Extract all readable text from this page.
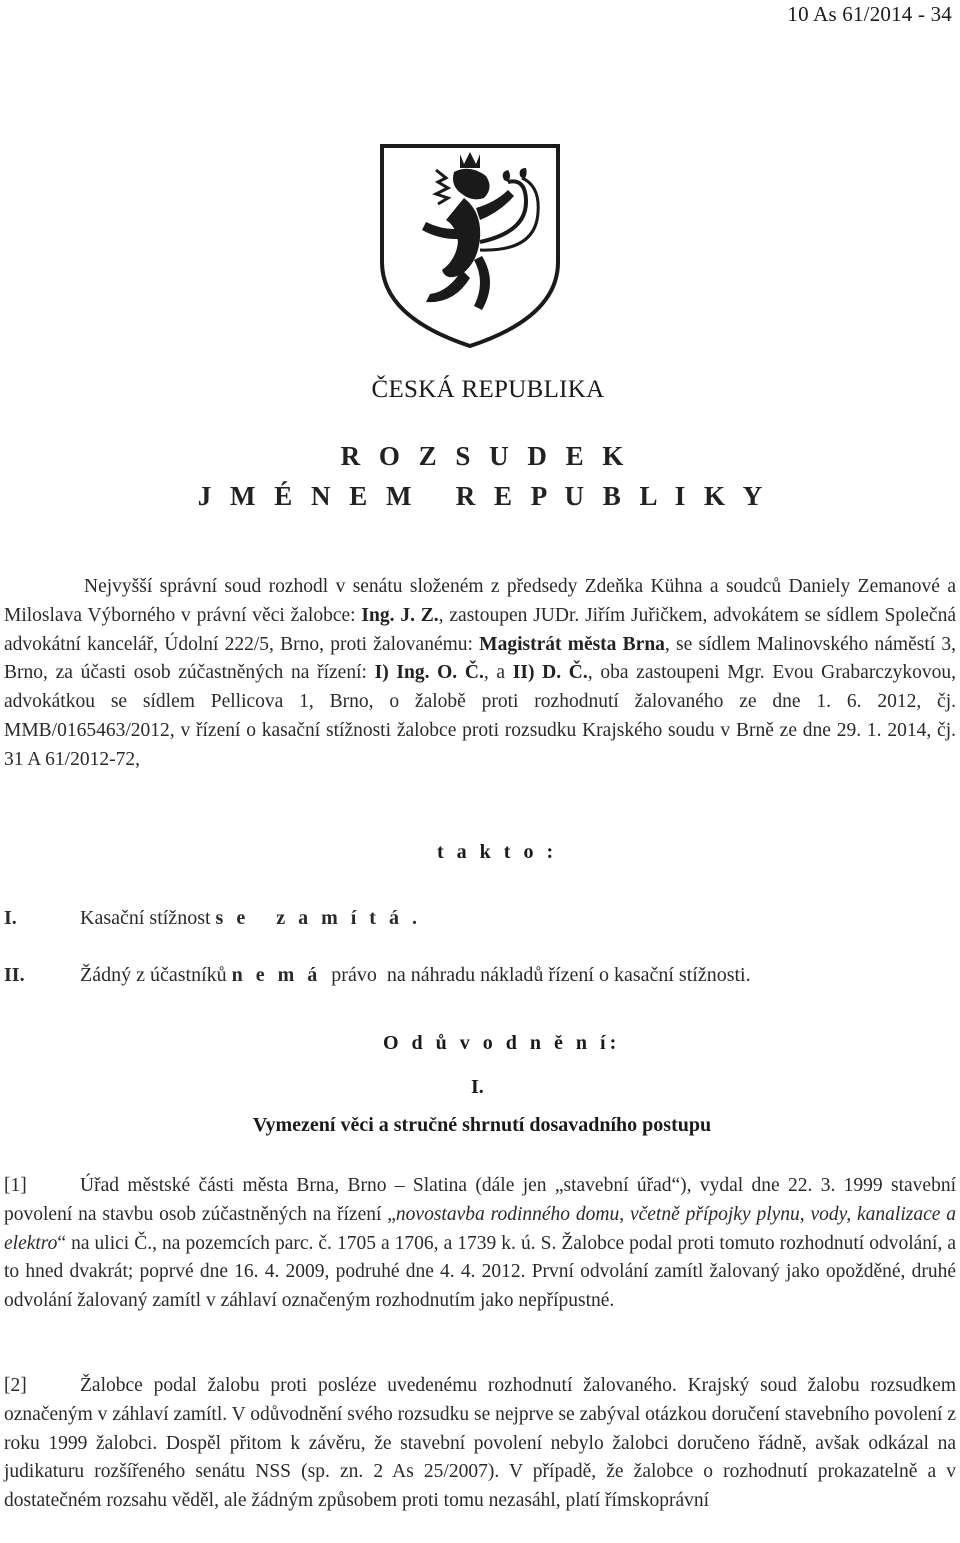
10 As 61/2014 - 34
ČESKÁ REPUBLIKA
R O Z S U D E K
J M É N E M   R E P U B L I K Y

Nejvyšší správní soud rozhodl v senátu složeném z předsedy Zdeňka Kühna a soudců Daniely Zemanové a Miloslava Výborného v právní věci žalobce: Ing. J. Z., zastoupen JUDr. Jiřím Juřičkem, advokátem se sídlem Společná advokátní kancelář, Údolní 222/5, Brno, proti žalovanému: Magistrát města Brna, se sídlem Malinovského náměstí 3, Brno, za účasti osob zúčastněných na řízení: I) Ing. O. Č., a II) D. Č., oba zastoupeni Mgr. Evou Grabarczykovou, advokátkou se sídlem Pellicova 1, Brno, o žalobě proti rozhodnutí žalovaného ze dne 1. 6. 2012, čj. MMB/0165463/2012, v řízení o kasační stížnosti žalobce proti rozsudku Krajského soudu v Brně ze dne 29. 1. 2014, čj. 31 A 61/2012-72,

t a k t o :
I.	Kasační stížnost s e   z a m í t á .
II.	Žádný z účastníků n e m á  právo  na náhradu nákladů řízení o kasační stížnosti.
O d ů v o d n ě n í:
I.
Vymezení věci a stručné shrnutí dosavadního postupu

[1]	Úřad městské části města Brna, Brno – Slatina (dále jen „stavební úřad“), vydal dne 22. 3. 1999 stavební povolení na stavbu osob zúčastněných na řízení „novostavba rodinného domu, včetně přípojky plynu, vody, kanalizace a elektro“ na ulici Č., na pozemcích parc. č. 1705 a 1706, a 1739 k. ú. S. Žalobce podal proti tomuto rozhodnutí odvolání, a to hned dvakrát; poprvé dne 16. 4. 2009, podruhé dne 4. 4. 2012. První odvolání zamítl žalovaný jako opožděné, druhé odvolání žalovaný zamítl v záhlaví označeným rozhodnutím jako nepřípustné.

[2]	Žalobce podal žalobu proti posléze uvedenému rozhodnutí žalovaného. Krajský soud žalobu rozsudkem označeným v záhlaví zamítl. V odůvodnění svého rozsudku se nejprve se zabýval otázkou doručení stavebního povolení z roku 1999 žalobci. Dospěl přitom k závěru, že stavební povolení nebylo žalobci doručeno řádně, avšak odkázal na judikaturu rozšířeného senátu NSS (sp. zn. 2 As 25/2007). V případě, že žalobce o rozhodnutí prokazatelně a v dostatečném rozsahu věděl, ale žádným způsobem proti tomu nezasáhl, platí římskoprávní
